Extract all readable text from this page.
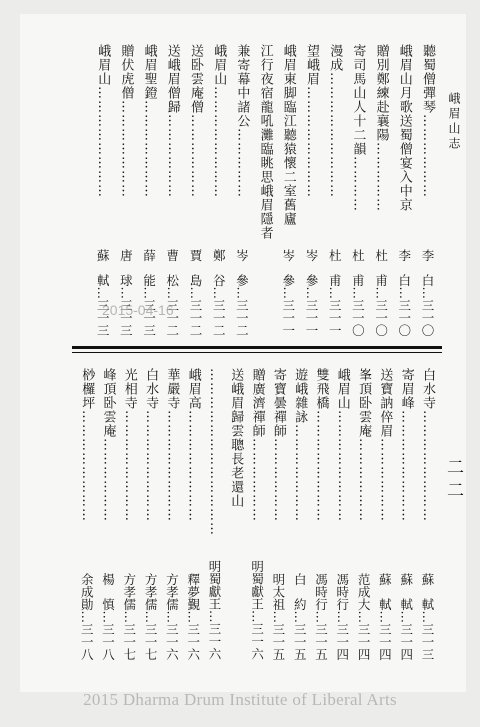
峨眉山志
二二
聽蜀僧彈琴………………
李　白…三一〇
峨眉山月歌送蜀僧宴入中京
李　白…三一〇
贈別鄭練赴襄陽……………
杜　甫…三一〇
寄司馬山人十二韻…………
杜　甫…三一〇
漫成………………………
杜　甫…三一一
望峨眉……………………
岑　參…三一一
峨眉東脚臨江聽猿懷二室舊廬
岑　參…三一一
江行夜宿龍吼灘臨眺思峨眉隱者
兼寄幕中諸公……………
岑　參…三一二
峨眉山……………………
鄭　谷…三一二
送卧雲庵僧………………
賈　島…三一二
送峨眉僧歸………………
曹　松…三一二
峨眉聖鐙…………………
薛　能…三一三
贈伏虎僧…………………
唐　球…三一三
峨眉山……………………
蘇　軾…三一三
白水寺……………………
蘇　軾…三一三
寄眉峰……………………
蘇　軾…三一四
送寶訥倅眉………………
蘇　軾…三一四
峯頂卧雲庵………………
范成大…三一四
峨眉山……………………
馮時行…三一四
雙飛橋……………………
馮時行…三一五
遊峨雜詠…………………
白　約…三一五
寄寶曇禪師………………
明太祖…三一五
贈廣濟禪師………………
明蜀獻王…三一六
送峨眉歸雲聰長老還山
………………………………
明蜀獻王…三一六
峨眉高……………………
釋夢覲…三一六
華嚴寺……………………
方孝儒…三一六
白水寺……………………
方孝儒…三一七
光相寺……………………
方孝儒…三一七
峰頂卧雲庵………………
楊　慎…三一八
桫欏坪……………………
余成勛…三一八
2015-04-16
2015 Dharma Drum Institute of Liberal Arts
